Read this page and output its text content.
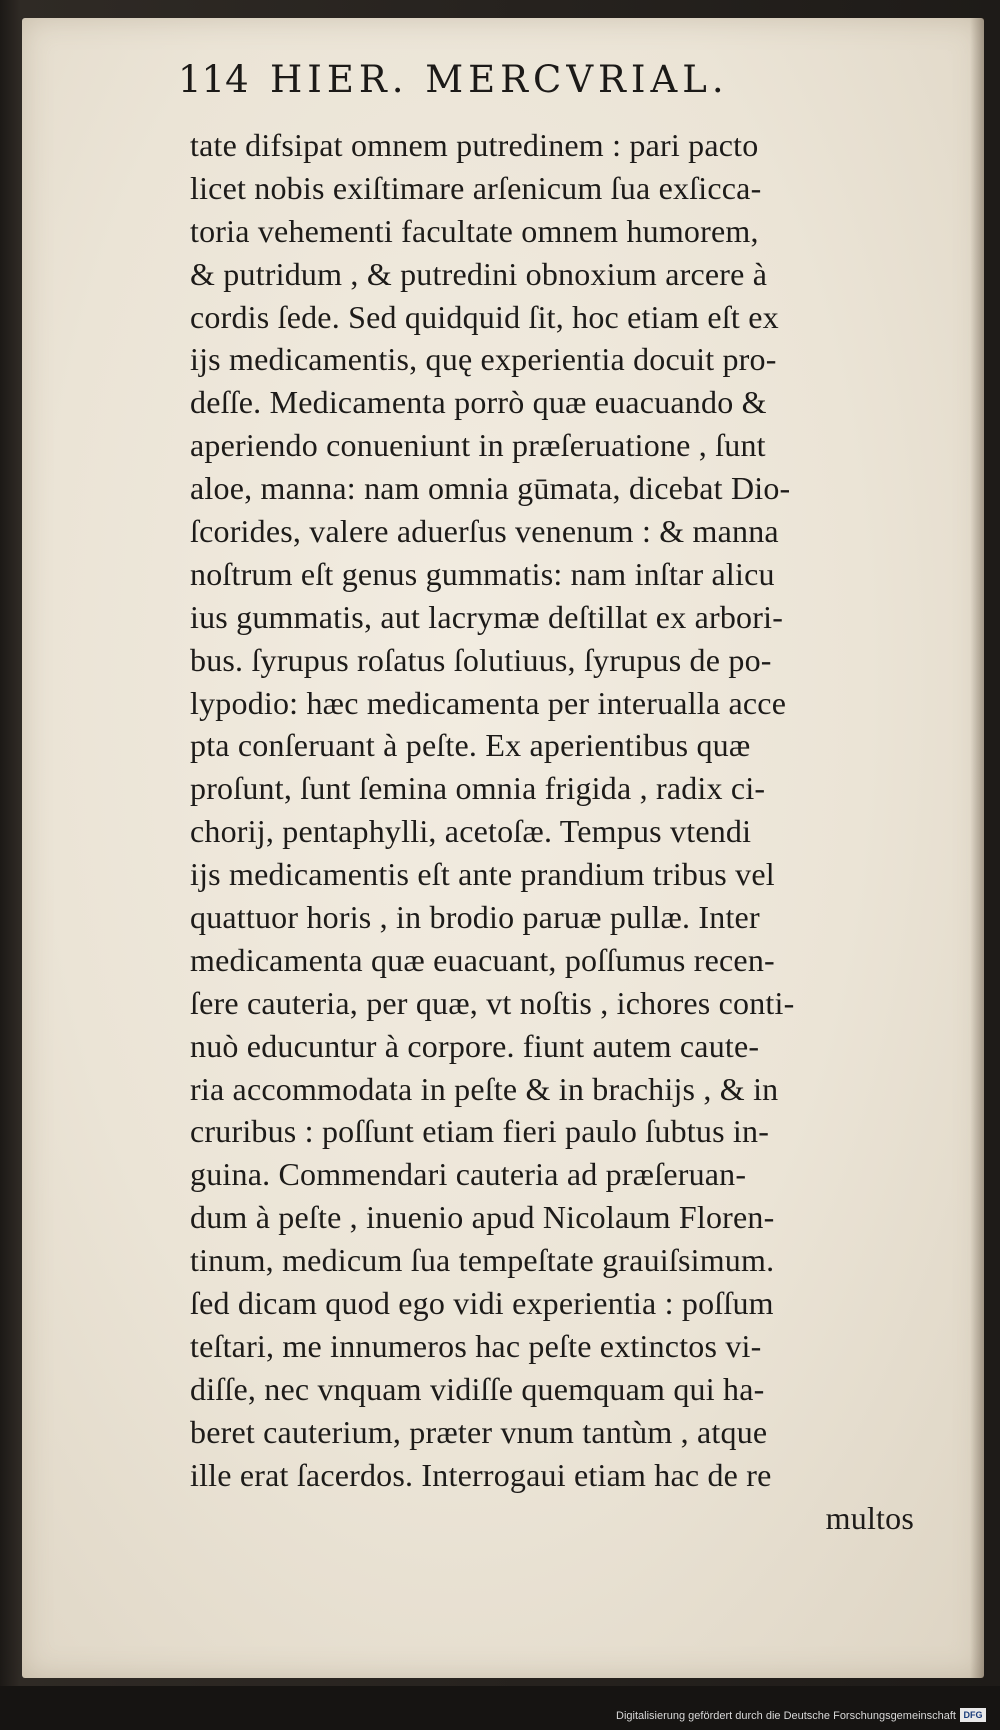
114 HIER. MERCVRIAL.
tate difsipat omnem putredinem : pari pacto
licet nobis exiſtimare arſenicum ſua exſicca-
toria vehementi facultate omnem humorem,
& putridum , & putredini obnoxium arcere à
cordis ſede. Sed quidquid ſit, hoc etiam eſt ex
ijs medicamentis, quę experientia docuit pro-
deſſe. Medicamenta porrò quæ euacuando &
aperiendo conueniunt in præſeruatione , ſunt
aloe, manna: nam omnia gūmata, dicebat Dio-
ſcorides, valere aduerſus venenum : & manna
noſtrum eſt genus gummatis: nam inſtar alicu
ius gummatis, aut lacrymæ deſtillat ex arbori-
bus. ſyrupus roſatus ſolutiuus, ſyrupus de po-
lypodio: hæc medicamenta per interualla acce
pta conſeruant à peſte. Ex aperientibus quæ
proſunt, ſunt ſemina omnia frigida , radix ci-
chorij, pentaphylli, acetoſæ. Tempus vtendi
ijs medicamentis eſt ante prandium tribus vel
quattuor horis , in brodio paruæ pullæ. Inter
medicamenta quæ euacuant, poſſumus recen-
ſere cauteria, per quæ, vt noſtis , ichores conti-
nuò educuntur à corpore. fiunt autem caute-
ria accommodata in peſte & in brachijs , & in
cruribus : poſſunt etiam fieri paulo ſubtus in-
guina. Commendari cauteria ad præſeruan-
dum à peſte , inuenio apud Nicolaum Floren-
tinum, medicum ſua tempeſtate grauiſsimum.
ſed dicam quod ego vidi experientia : poſſum
teſtari, me innumeros hac peſte extinctos vi-
diſſe, nec vnquam vidiſſe quemquam qui ha-
beret cauterium, præter vnum tantùm , atque
ille erat ſacerdos. Interrogaui etiam hac de re
multos
Digitalisierung gefördert durch die Deutsche Forschungsgemeinschaft DFG
